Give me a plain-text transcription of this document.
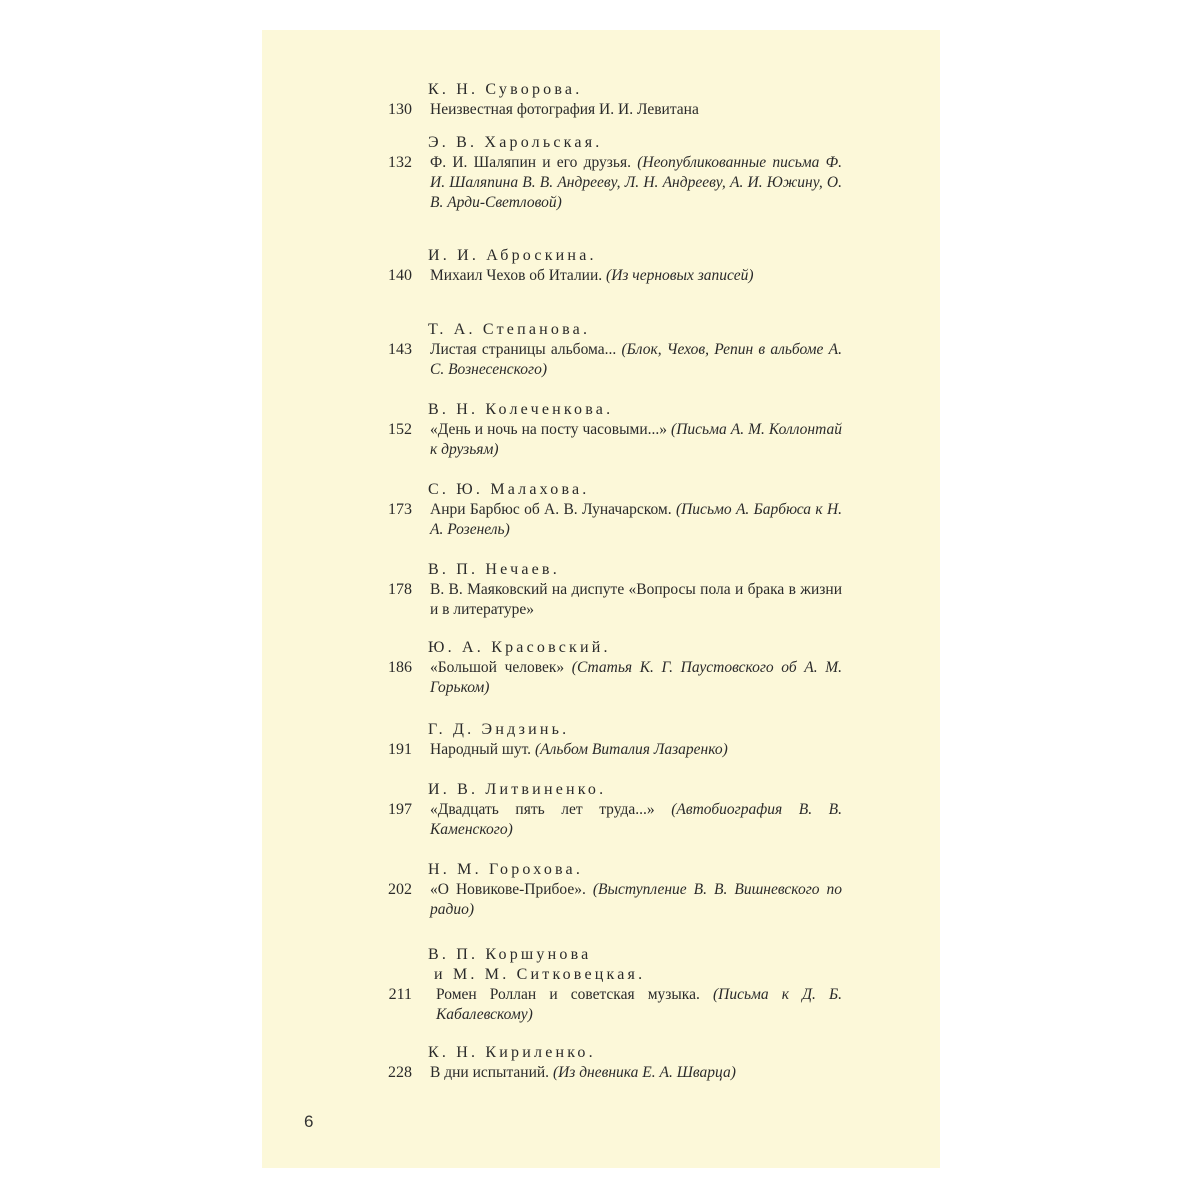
К. Н. Суворова.
130 Неизвестная фотография И. И. Левитана
Э. В. Харольская.
132 Ф. И. Шаляпин и его друзья. (Неопубликованные письма Ф. И. Шаляпина В. В. Андрееву, Л. Н. Андрееву, А. И. Южину, О. В. Арди-Светловой)
И. И. Аброскина.
140 Михаил Чехов об Италии. (Из черновых записей)
Т. А. Степанова.
143 Листая страницы альбома... (Блок, Чехов, Репин в альбоме А. С. Вознесенского)
В. Н. Колеченкова.
152 «День и ночь на посту часовыми...» (Письма А. М. Коллонтай к друзьям)
С. Ю. Малахова.
173 Анри Барбюс об А. В. Луначарском. (Письмо А. Барбюса к Н. А. Розенель)
В. П. Нечаев.
178 В. В. Маяковский на диспуте «Вопросы пола и брака в жизни и в литературе»
Ю. А. Красовский.
186 «Большой человек» (Статья К. Г. Паустовского об А. М. Горьком)
Г. Д. Эндзинь.
191 Народный шут. (Альбом Виталия Лазаренко)
И. В. Литвиненко.
197 «Двадцать пять лет труда...» (Автобиография В. В. Каменского)
Н. М. Горохова.
202 «О Новикове-Прибое». (Выступление В. В. Вишневского по радио)
В. П. Коршунова
и М. М. Ситковецкая.
211 Ромен Роллан и советская музыка. (Письма к Д. Б. Кабалевскому)
К. Н. Кириленко.
228 В дни испытаний. (Из дневника Е. А. Шварца)
6
